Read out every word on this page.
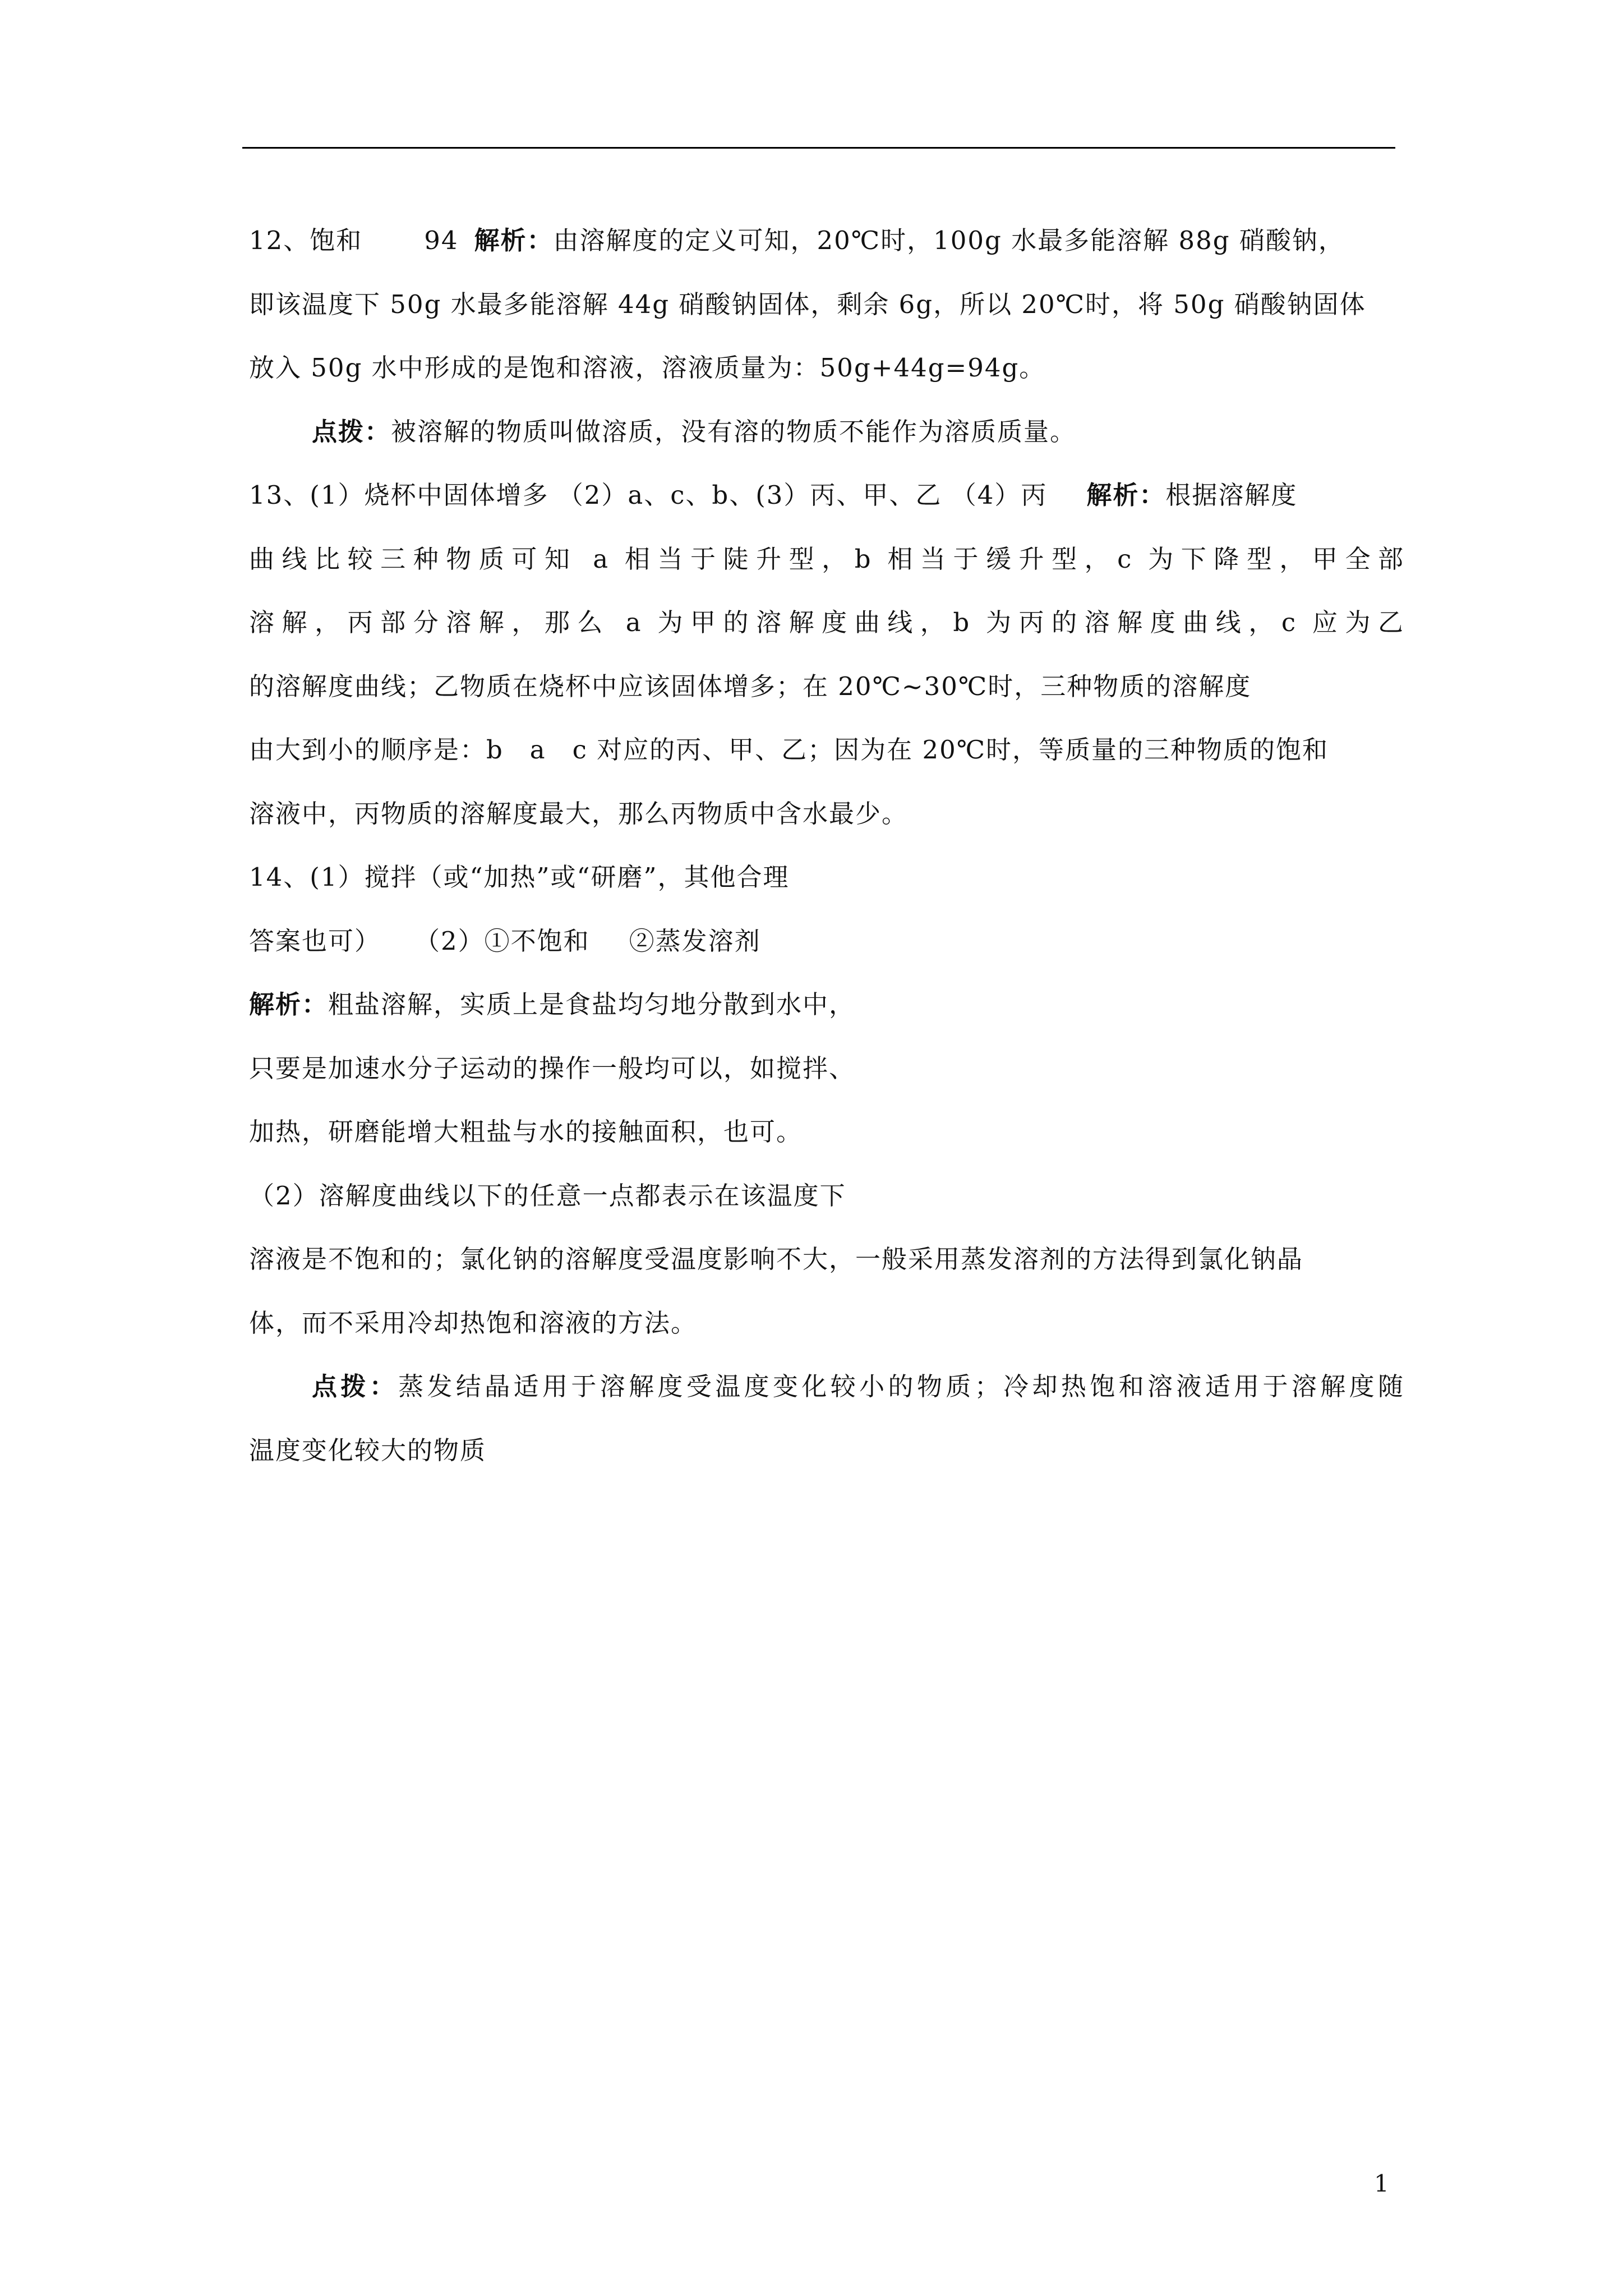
12、饱和 94 解析：由溶解度的定义可知，20℃时，100g 水最多能溶解 88g 硝酸钠，
即该温度下 50g 水最多能溶解 44g 硝酸钠固体，剩余 6g，所以 20℃时，将 50g 硝酸钠固体
放入 50g 水中形成的是饱和溶液，溶液质量为：50g+44g=94g。
点拨：被溶解的物质叫做溶质，没有溶的物质不能作为溶质质量。
13、(1）烧杯中固体增多 （2）a、c、b、(3）丙、甲、乙 （4）丙 解析：根据溶解度
曲线比较三种物质可知 a 相当于陡升型，b 相当于缓升型，c 为下降型，甲全部
溶解，丙部分溶解，那么 a 为甲的溶解度曲线，b 为丙的溶解度曲线，c 应为乙
的溶解度曲线；乙物质在烧杯中应该固体增多；在 20℃~30℃时，三种物质的溶解度
由大到小的顺序是：b　a　c 对应的丙、甲、乙；因为在 20℃时，等质量的三种物质的饱和
溶液中，丙物质的溶解度最大，那么丙物质中含水最少。
14、(1）搅拌（或“加热”或“研磨”，其他合理
答案也可） （2）①不饱和 ②蒸发溶剂
解析：粗盐溶解，实质上是食盐均匀地分散到水中，
只要是加速水分子运动的操作一般均可以，如搅拌、
加热，研磨能增大粗盐与水的接触面积，也可。
（2）溶解度曲线以下的任意一点都表示在该温度下
溶液是不饱和的；氯化钠的溶解度受温度影响不大，一般采用蒸发溶剂的方法得到氯化钠晶
体，而不采用冷却热饱和溶液的方法。
点拨：蒸发结晶适用于溶解度受温度变化较小的物质；冷却热饱和溶液适用于溶解度随
温度变化较大的物质
1
